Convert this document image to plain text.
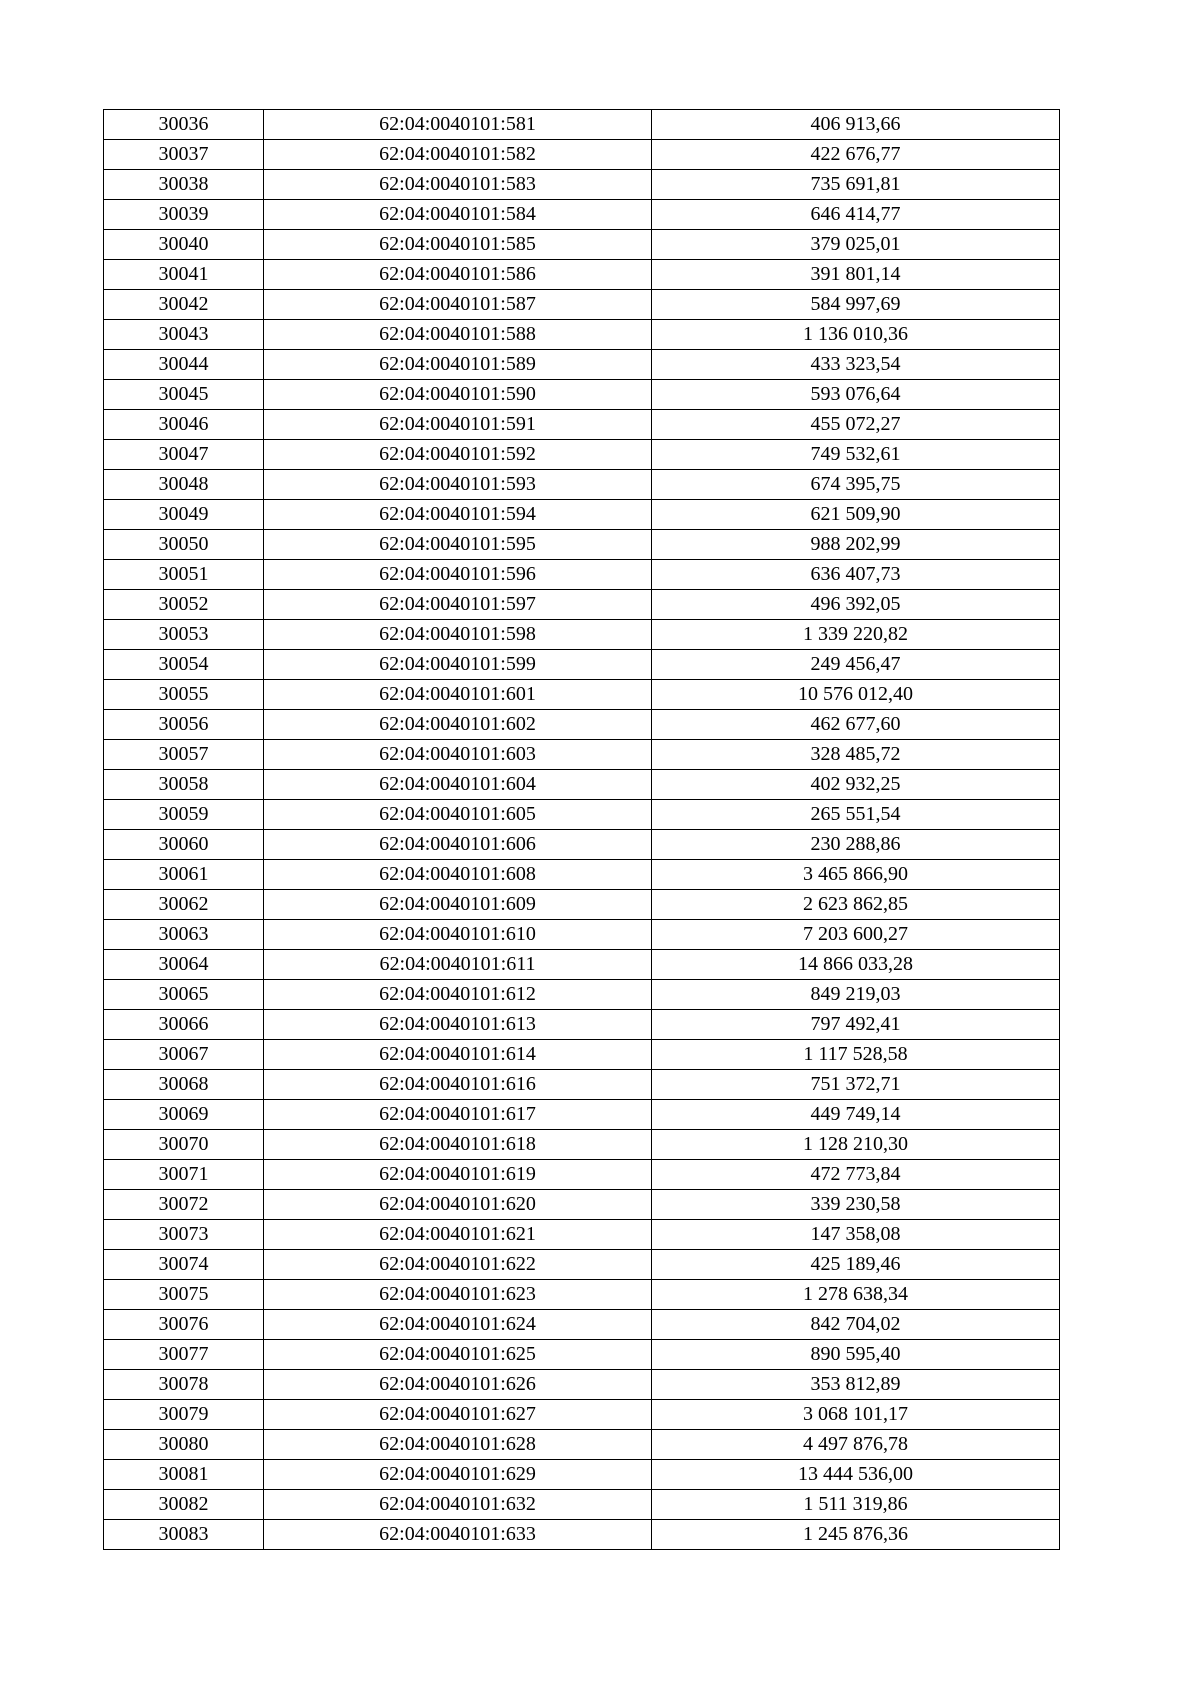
30036	62:04:0040101:581	406 913,66
30037	62:04:0040101:582	422 676,77
30038	62:04:0040101:583	735 691,81
30039	62:04:0040101:584	646 414,77
30040	62:04:0040101:585	379 025,01
30041	62:04:0040101:586	391 801,14
30042	62:04:0040101:587	584 997,69
30043	62:04:0040101:588	1 136 010,36
30044	62:04:0040101:589	433 323,54
30045	62:04:0040101:590	593 076,64
30046	62:04:0040101:591	455 072,27
30047	62:04:0040101:592	749 532,61
30048	62:04:0040101:593	674 395,75
30049	62:04:0040101:594	621 509,90
30050	62:04:0040101:595	988 202,99
30051	62:04:0040101:596	636 407,73
30052	62:04:0040101:597	496 392,05
30053	62:04:0040101:598	1 339 220,82
30054	62:04:0040101:599	249 456,47
30055	62:04:0040101:601	10 576 012,40
30056	62:04:0040101:602	462 677,60
30057	62:04:0040101:603	328 485,72
30058	62:04:0040101:604	402 932,25
30059	62:04:0040101:605	265 551,54
30060	62:04:0040101:606	230 288,86
30061	62:04:0040101:608	3 465 866,90
30062	62:04:0040101:609	2 623 862,85
30063	62:04:0040101:610	7 203 600,27
30064	62:04:0040101:611	14 866 033,28
30065	62:04:0040101:612	849 219,03
30066	62:04:0040101:613	797 492,41
30067	62:04:0040101:614	1 117 528,58
30068	62:04:0040101:616	751 372,71
30069	62:04:0040101:617	449 749,14
30070	62:04:0040101:618	1 128 210,30
30071	62:04:0040101:619	472 773,84
30072	62:04:0040101:620	339 230,58
30073	62:04:0040101:621	147 358,08
30074	62:04:0040101:622	425 189,46
30075	62:04:0040101:623	1 278 638,34
30076	62:04:0040101:624	842 704,02
30077	62:04:0040101:625	890 595,40
30078	62:04:0040101:626	353 812,89
30079	62:04:0040101:627	3 068 101,17
30080	62:04:0040101:628	4 497 876,78
30081	62:04:0040101:629	13 444 536,00
30082	62:04:0040101:632	1 511 319,86
30083	62:04:0040101:633	1 245 876,36
